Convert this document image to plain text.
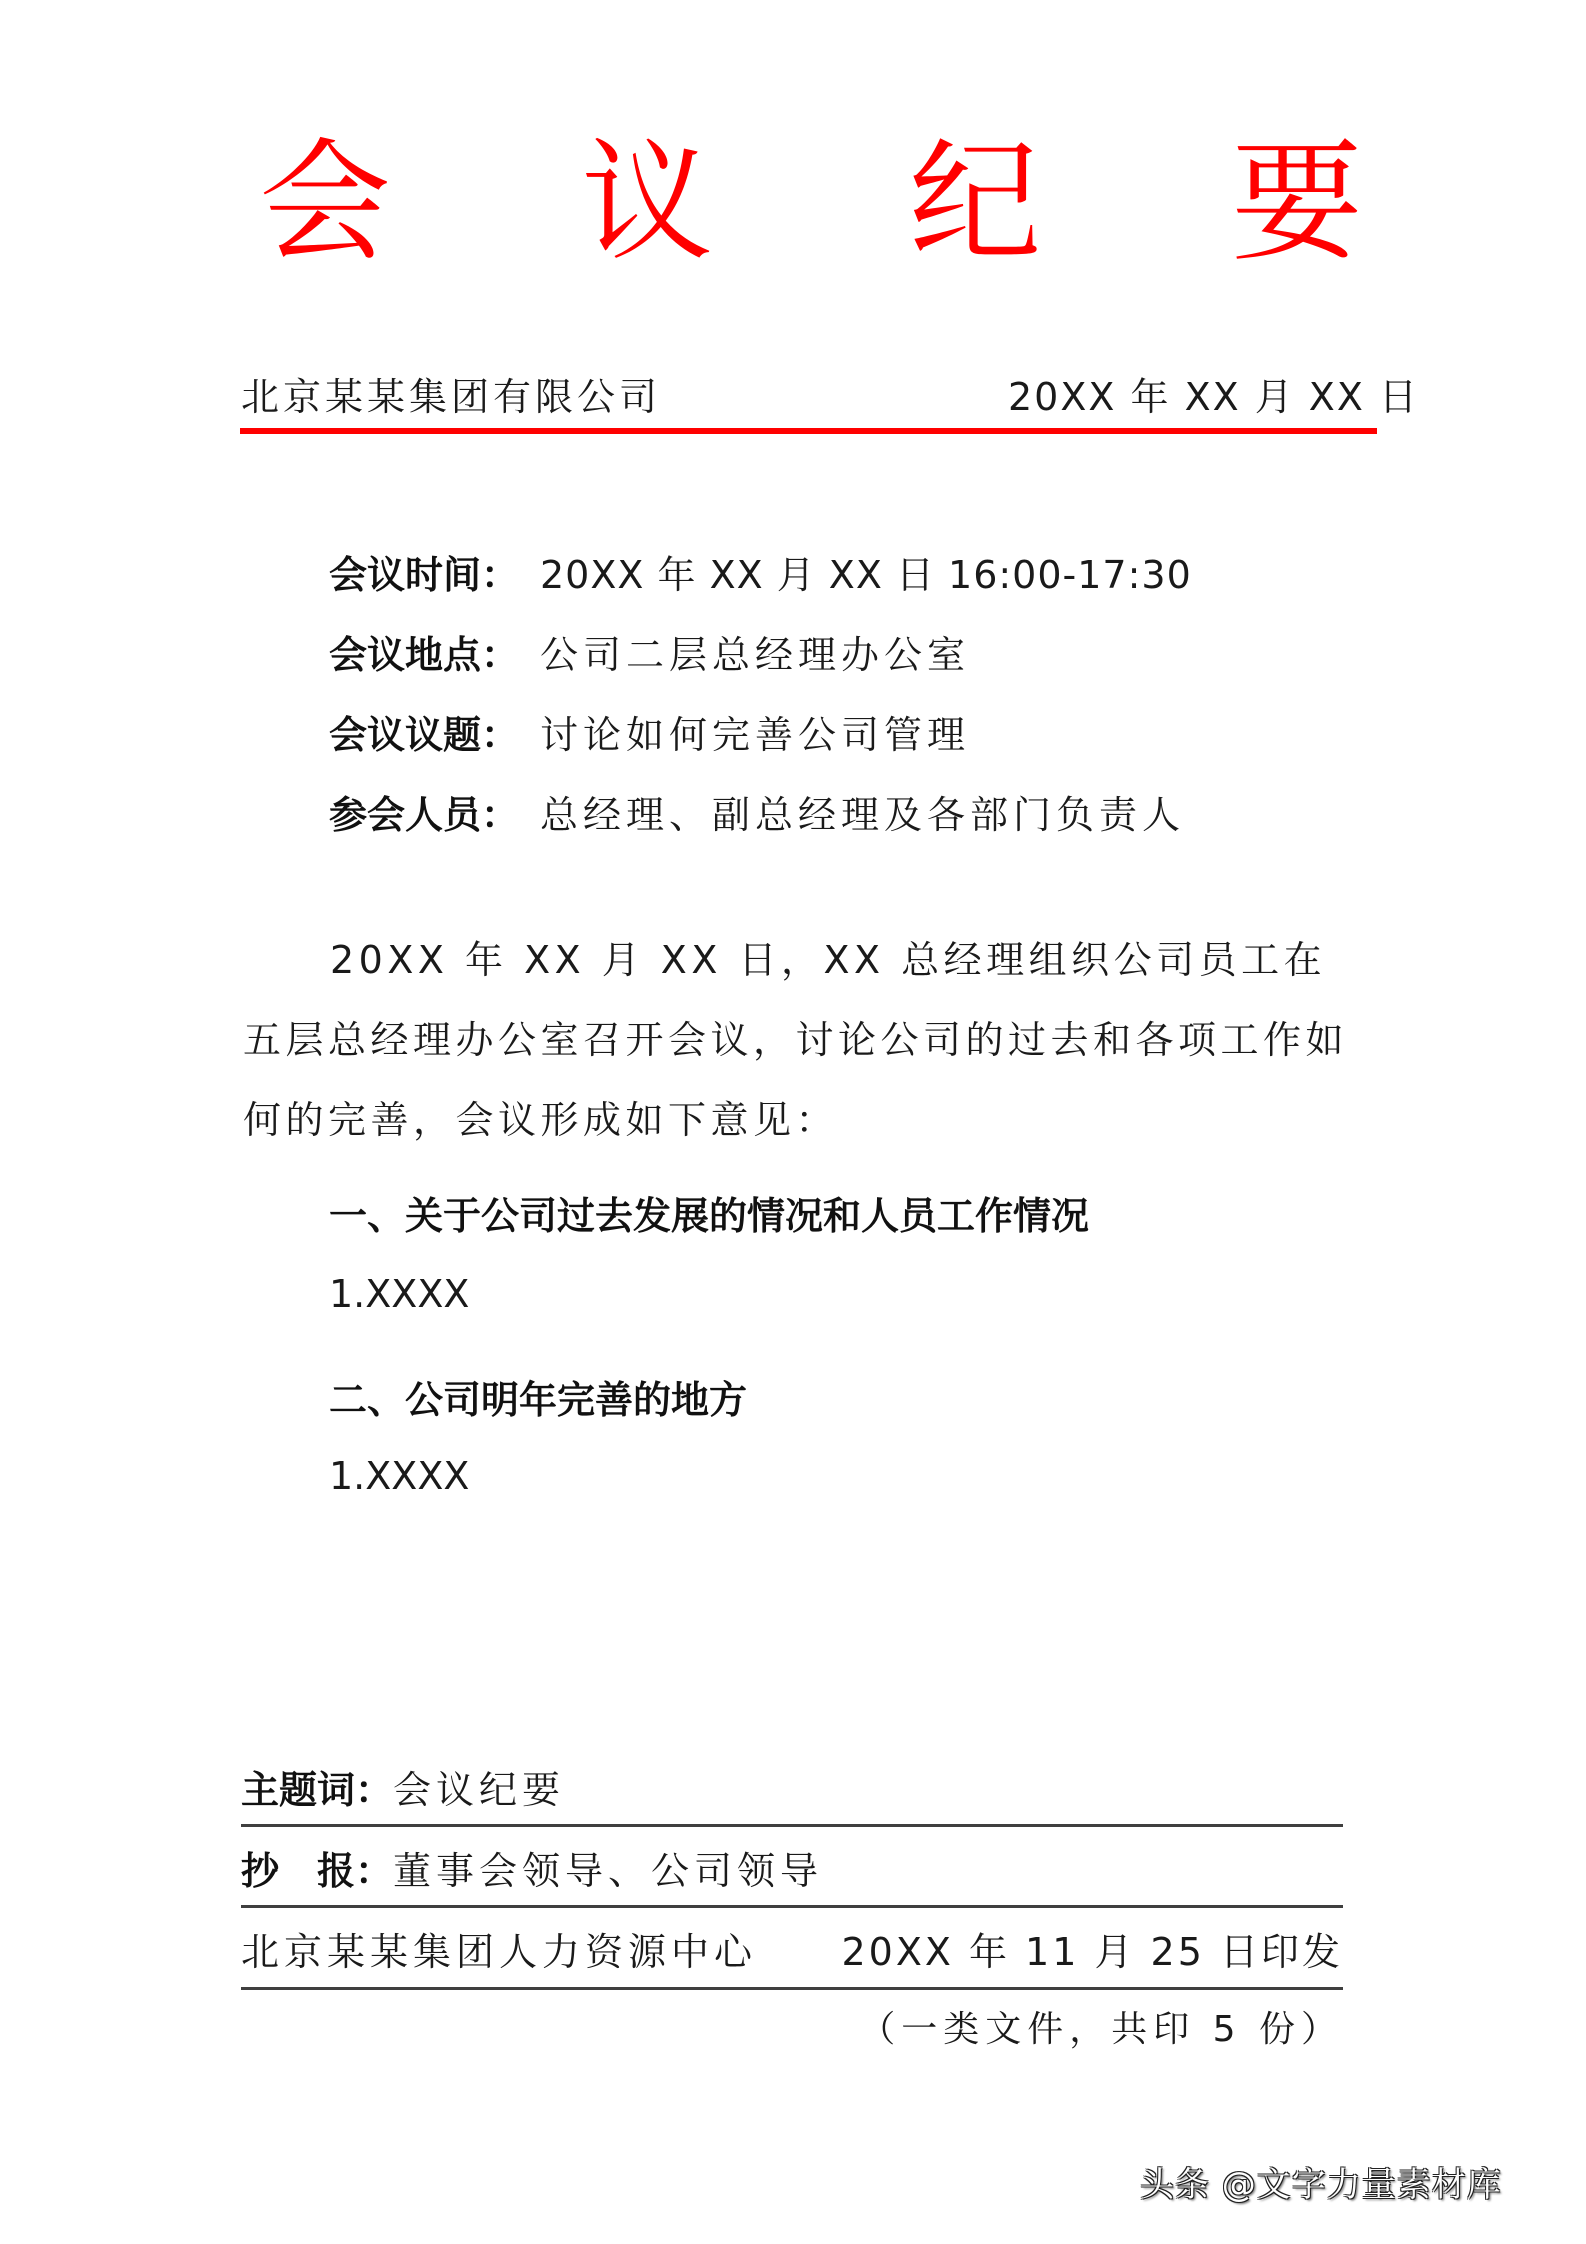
会 议 纪 要
北京某某集团有限公司	20XX 年 XX 月 XX 日
会议时间： 20XX 年 XX 月 XX 日 16:00-17:30
会议地点： 公司二层总经理办公室
会议议题： 讨论如何完善公司管理
参会人员： 总经理、副总经理及各部门负责人
20XX 年 XX 月 XX 日，XX 总经理组织公司员工在五层总经理办公室召开会议，讨论公司的过去和各项工作如何的完善，会议形成如下意见：
一、关于公司过去发展的情况和人员工作情况
1.XXXX
二、公司明年完善的地方
1.XXXX
主题词：会议纪要
抄　报：董事会领导、公司领导
北京某某集团人力资源中心 20XX 年 11 月 25 日印发
（一类文件，共印 5 份）
头条 @文字力量素材库
